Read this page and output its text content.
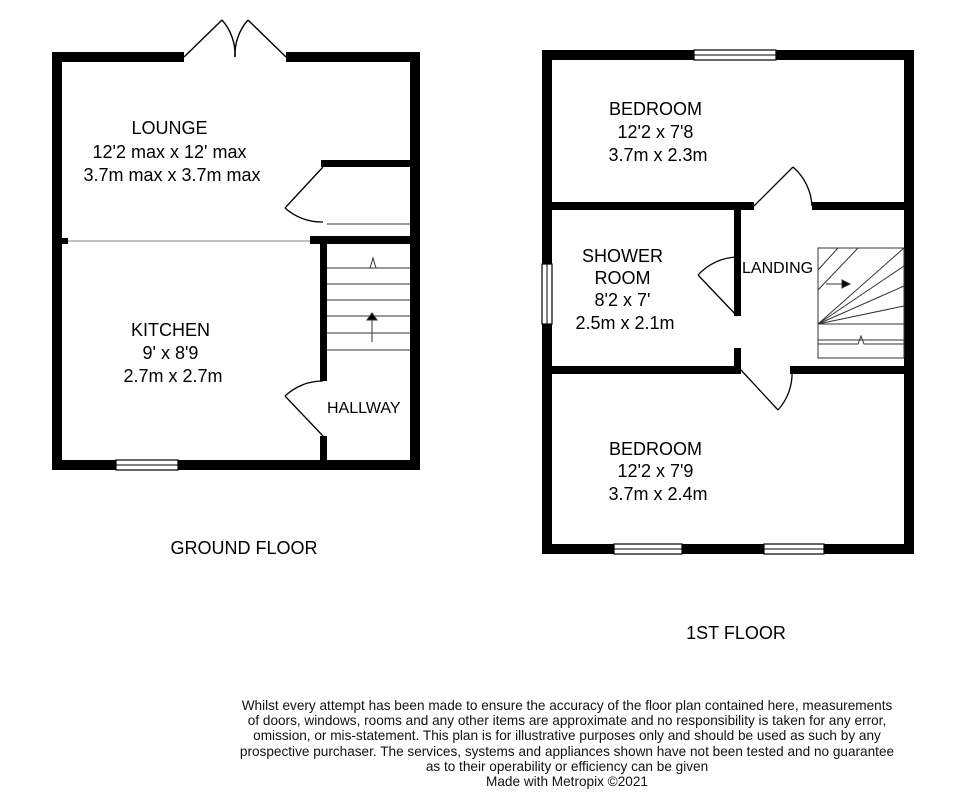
LOUNGE 12'2 max x 12' max 3.7m max x 3.7m max
KITCHEN 9' x 8'9 2.7m x 2.7m
HALLWAY
GROUND FLOOR
BEDROOM 12'2 x 7'8 3.7m x 2.3m
SHOWER ROOM 8'2 x 7' 2.5m x 2.1m
LANDING
BEDROOM 12'2 x 7'9 3.7m x 2.4m
1ST FLOOR
Whilst every attempt has been made to ensure the accuracy of the floor plan contained here, measurements
of doors, windows, rooms and any other items are approximate and no responsibility is taken for any error,
omission, or mis-statement. This plan is for illustrative purposes only and should be used as such by any
prospective purchaser. The services, systems and appliances shown have not been tested and no guarantee
as to their operability or efficiency can be given
Made with Metropix ©2021
